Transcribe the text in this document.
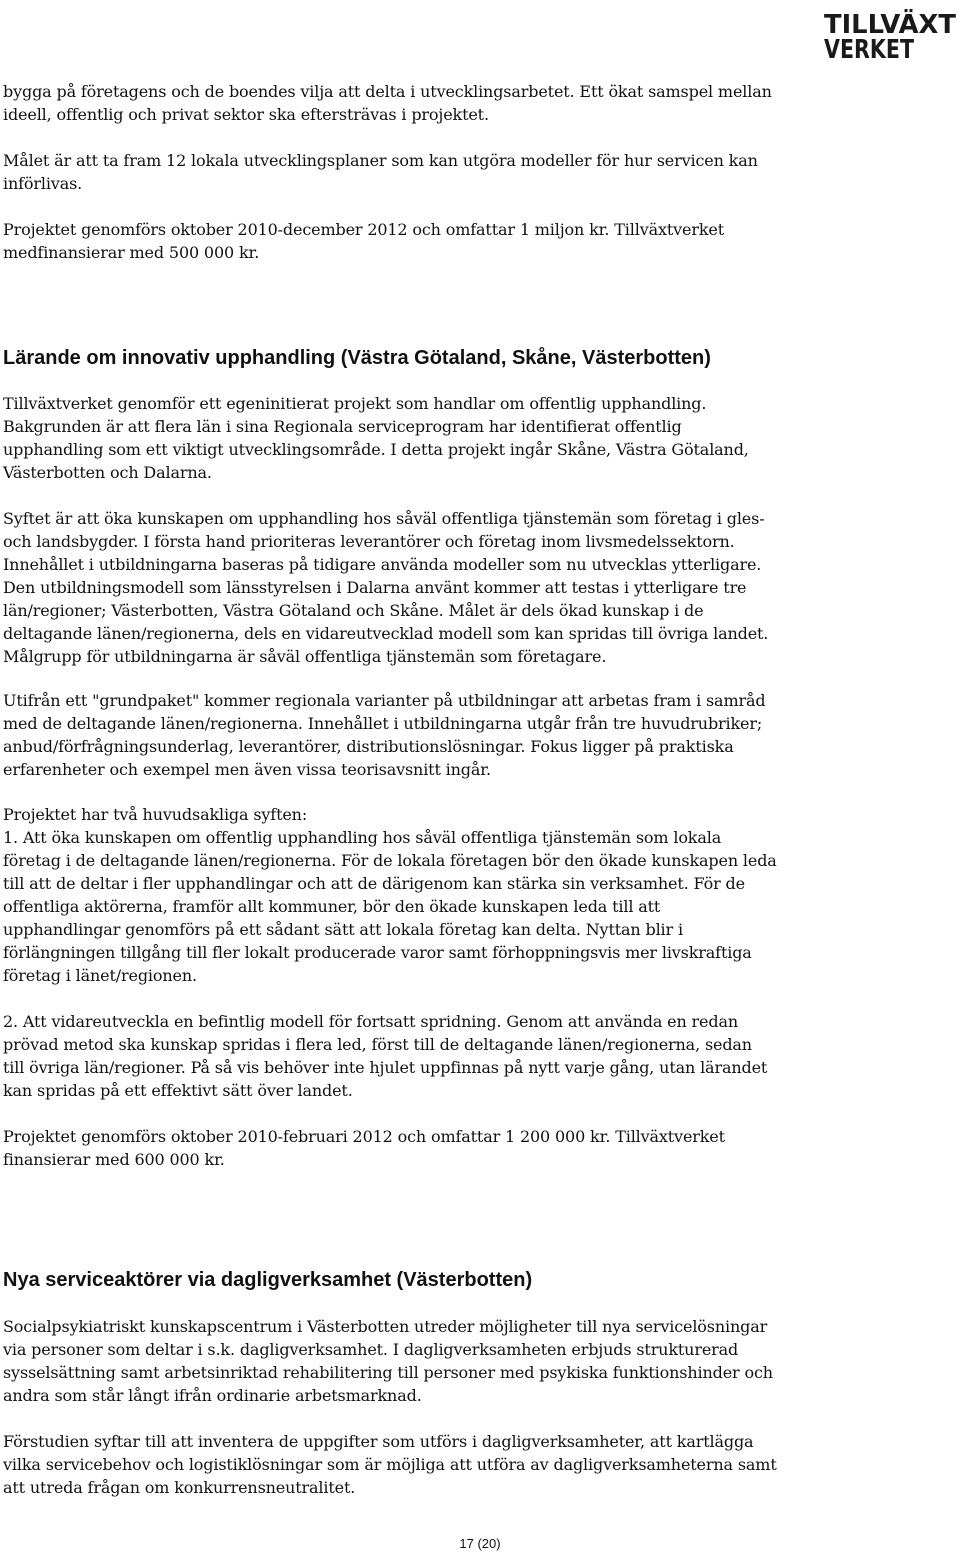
TILLVÄXT
VERKET

bygga på företagens och de boendes vilja att delta i utvecklingsarbetet. Ett ökat samspel mellan
ideell, offentlig och privat sektor ska eftersträvas i projektet.

Målet är att ta fram 12 lokala utvecklingsplaner som kan utgöra modeller för hur servicen kan
införlivas.

Projektet genomförs oktober 2010-december 2012 och omfattar 1 miljon kr. Tillväxtverket
medfinansierar med 500 000 kr.

Lärande om innovativ upphandling (Västra Götaland, Skåne, Västerbotten)

Tillväxtverket genomför ett egeninitierat projekt som handlar om offentlig upphandling.
Bakgrunden är att flera län i sina Regionala serviceprogram har identifierat offentlig
upphandling som ett viktigt utvecklingsområde. I detta projekt ingår Skåne, Västra Götaland,
Västerbotten och Dalarna.

Syftet är att öka kunskapen om upphandling hos såväl offentliga tjänstemän som företag i gles-
och landsbygder. I första hand prioriteras leverantörer och företag inom livsmedelssektorn.
Innehållet i utbildningarna baseras på tidigare använda modeller som nu utvecklas ytterligare.
Den utbildningsmodell som länsstyrelsen i Dalarna använt kommer att testas i ytterligare tre
län/regioner; Västerbotten, Västra Götaland och Skåne. Målet är dels ökad kunskap i de
deltagande länen/regionerna, dels en vidareutvecklad modell som kan spridas till övriga landet.
Målgrupp för utbildningarna är såväl offentliga tjänstemän som företagare.

Utifrån ett "grundpaket" kommer regionala varianter på utbildningar att arbetas fram i samråd
med de deltagande länen/regionerna. Innehållet i utbildningarna utgår från tre huvudrubriker;
anbud/förfrågningsunderlag, leverantörer, distributionslösningar. Fokus ligger på praktiska
erfarenheter och exempel men även vissa teorisavsnitt ingår.

Projektet har två huvudsakliga syften:
1. Att öka kunskapen om offentlig upphandling hos såväl offentliga tjänstemän som lokala
företag i de deltagande länen/regionerna. För de lokala företagen bör den ökade kunskapen leda
till att de deltar i fler upphandlingar och att de därigenom kan stärka sin verksamhet. För de
offentliga aktörerna, framför allt kommuner, bör den ökade kunskapen leda till att
upphandlingar genomförs på ett sådant sätt att lokala företag kan delta. Nyttan blir i
förlängningen tillgång till fler lokalt producerade varor samt förhoppningsvis mer livskraftiga
företag i länet/regionen.

2. Att vidareutveckla en befintlig modell för fortsatt spridning. Genom att använda en redan
prövad metod ska kunskap spridas i flera led, först till de deltagande länen/regionerna, sedan
till övriga län/regioner. På så vis behöver inte hjulet uppfinnas på nytt varje gång, utan lärandet
kan spridas på ett effektivt sätt över landet.

Projektet genomförs oktober 2010-februari 2012 och omfattar 1 200 000 kr. Tillväxtverket
finansierar med 600 000 kr.

Nya serviceaktörer via dagligverksamhet (Västerbotten)

Socialpsykiatriskt kunskapscentrum i Västerbotten utreder möjligheter till nya servicelösningar
via personer som deltar i s.k. dagligverksamhet. I dagligverksamheten erbjuds strukturerad
sysselsättning samt arbetsinriktad rehabilitering till personer med psykiska funktionshinder och
andra som står långt ifrån ordinarie arbetsmarknad.

Förstudien syftar till att inventera de uppgifter som utförs i dagligverksamheter, att kartlägga
vilka servicebehov och logistiklösningar som är möjliga att utföra av dagligverksamheterna samt
att utreda frågan om konkurrensneutralitet.

17 (20)
